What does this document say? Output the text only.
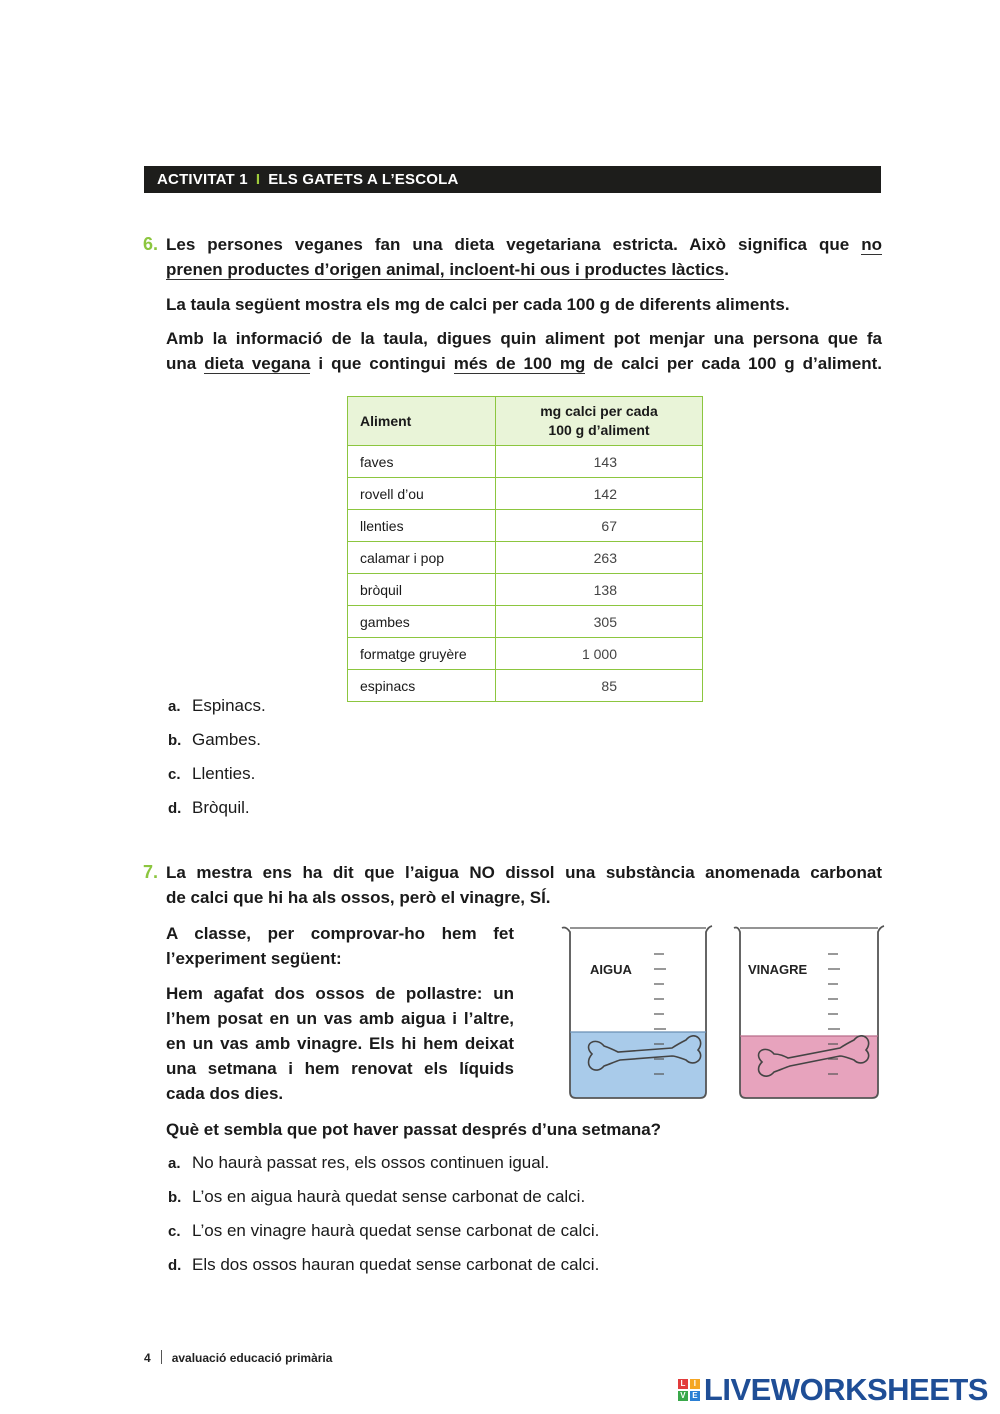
ACTIVITAT 1 I ELS GATETS A L’ESCOLA
6. Les persones veganes fan una dieta vegetariana estricta. Això significa que no

prenen productes d’origen animal, incloent-hi ous i productes làctics.

La taula següent mostra els mg de calci per cada 100 g de diferents aliments.

Amb la informació de la taula, digues quin aliment pot menjar una persona que fa

una dieta vegana i que contingui més de 100 mg de calci per cada 100 g d’aliment.

Aliment	mg calci per cada
100 g d’aliment
faves	143
rovell d’ou	142
llenties	67
calamar i pop	263
bròquil	138
gambes	305
formatge gruyère	1 000
espinacs	85
a. Espinacs.
b. Gambes.
c. Llenties.
d. Bròquil.
7. La mestra ens ha dit que l’aigua NO dissol una substància anomenada carbonat

de calci que hi ha als ossos, però el vinagre, SÍ.

A classe, per comprovar-ho hem fet l’experiment següent:

Hem agafat dos ossos de pollastre: un l’hem posat en un vas amb aigua i l’altre, en un vas amb vinagre. Els hi hem deixat una setmana i hem renovat els líquids cada dos dies.

AIGUA	VINAGRE

Què et sembla que pot haver passat després d’una setmana?

a. No haurà passat res, els ossos continuen igual.
b. L’os en aigua haurà quedat sense carbonat de calci.
c. L’os en vinagre haurà quedat sense carbonat de calci.
d. Els dos ossos hauran quedat sense carbonat de calci.
4 avaluació educació primària
L	I
V E LIVEWORKSHEETS
